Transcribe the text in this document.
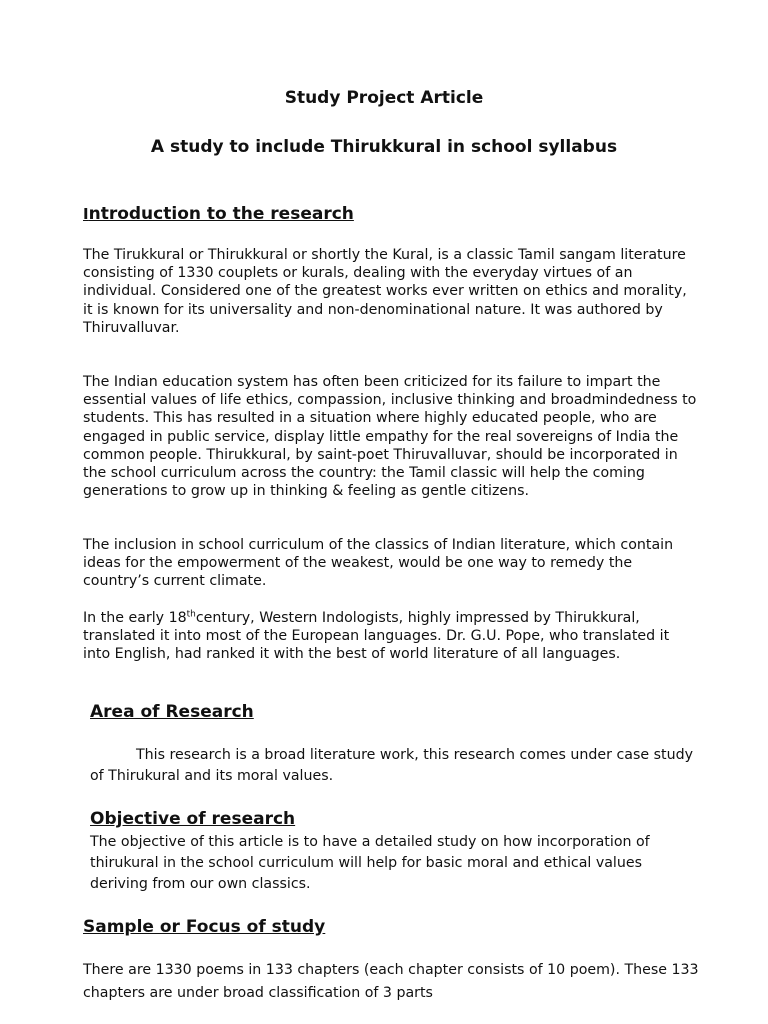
Study Project Article
A study to include Thirukkural in school syllabus
Introduction to the research

The Tirukkural or Thirukkural or shortly the Kural, is a classic Tamil sangam literature consisting of 1330 couplets or kurals, dealing with the everyday virtues of an individual. Considered one of the greatest works ever written on ethics and morality, it is known for its universality and non-denominational nature. It was authored by Thiruvalluvar.

The Indian education system has often been criticized for its failure to impart the essential values of life ethics, compassion, inclusive thinking and broadmindedness to students. This has resulted in a situation where highly educated people, who are engaged in public service, display little empathy for the real sovereigns of India the common people. Thirukkural, by saint-poet Thiruvalluvar, should be incorporated in the school curriculum across the country: the Tamil classic will help the coming generations to grow up in thinking & feeling as gentle citizens.

The inclusion in school curriculum of the classics of Indian literature, which contain ideas for the empowerment of the weakest, would be one way to remedy the country’s current climate.

In the early 18thcentury, Western Indologists, highly impressed by Thirukkural, translated it into most of the European languages. Dr. G.U. Pope, who translated it into English, had ranked it with the best of world literature of all languages.

Area of Research

This research is a broad literature work, this research comes under case study of Thirukural and its moral values.

Objective of research

The objective of this article is to have a detailed study on how incorporation of thirukural in the school curriculum will help for basic moral and ethical values deriving from our own classics.

Sample or Focus of study

There are 1330 poems in 133 chapters (each chapter consists of 10 poem). These 133 chapters are under broad classification of 3 parts
